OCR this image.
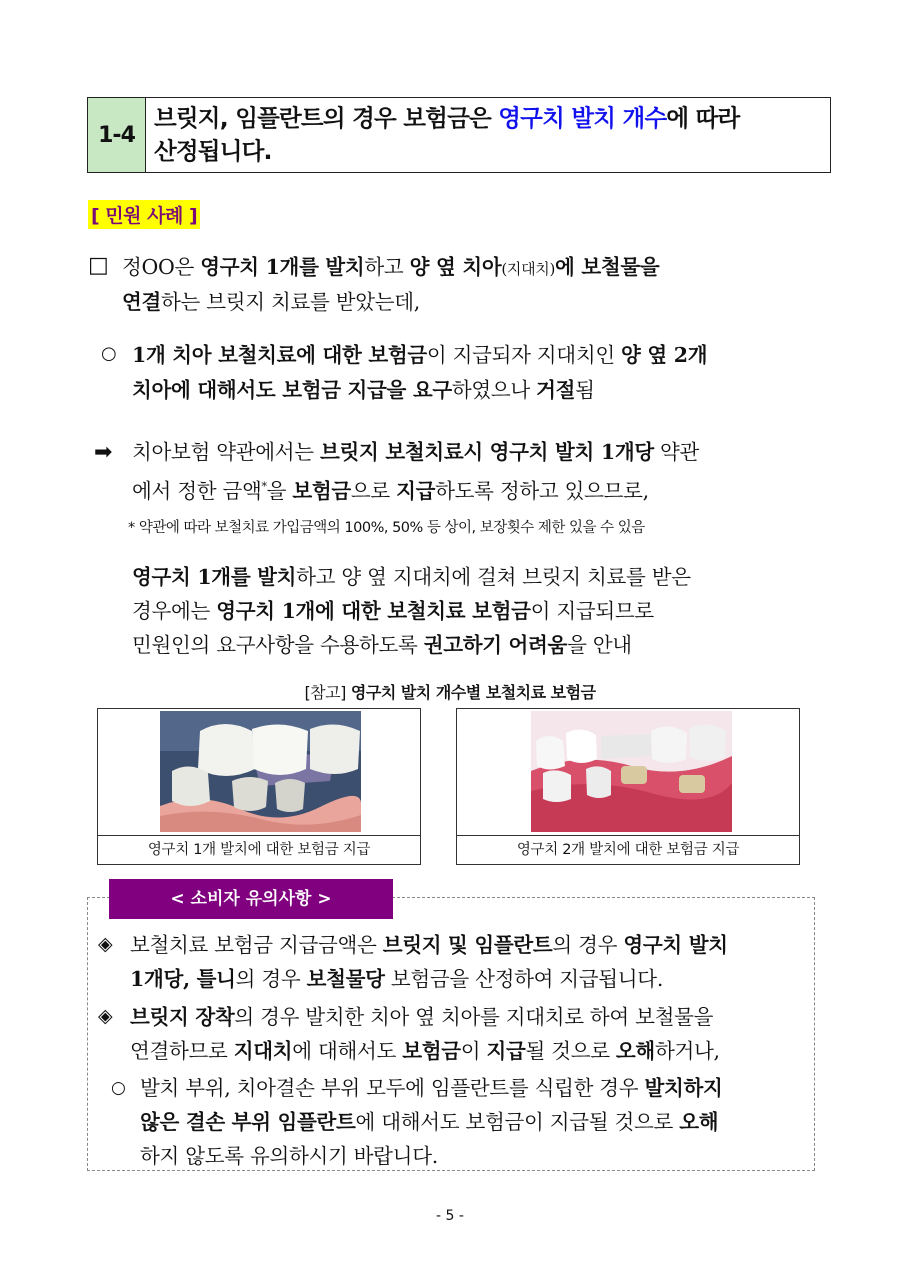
1-4
브릿지, 임플란트의 경우 보험금은 영구치 발치 개수에 따라
산정됩니다.
[ 민원 사례 ]
□ 정OO은 영구치 1개를 발치하고 양 옆 치아(지대치)에 보철물을
연결하는 브릿지 치료를 받았는데,
○ 1개 치아 보철치료에 대한 보험금이 지급되자 지대치인 양 옆 2개
치아에 대해서도 보험금 지급을 요구하였으나 거절됨
➡ 치아보험 약관에서는 브릿지 보철치료시 영구치 발치 1개당 약관
에서 정한 금액*을 보험금으로 지급하도록 정하고 있으므로,
* 약관에 따라 보철치료 가입금액의 100%, 50% 등 상이, 보장횟수 제한 있을 수 있음
영구치 1개를 발치하고 양 옆 지대치에 걸쳐 브릿지 치료를 받은
경우에는 영구치 1개에 대한 보철치료 보험금이 지급되므로
민원인의 요구사항을 수용하도록 권고하기 어려움을 안내
[참고] 영구치 발치 개수별 보철치료 보험금
영구치 1개 발치에 대한 보험금 지급	영구치 2개 발치에 대한 보험금 지급
< 소비자 유의사항 >
◈ 보철치료 보험금 지급금액은 브릿지 및 임플란트의 경우 영구치 발치
1개당, 틀니의 경우 보철물당 보험금을 산정하여 지급됩니다.
◈ 브릿지 장착의 경우 발치한 치아 옆 치아를 지대치로 하여 보철물을
연결하므로 지대치에 대해서도 보험금이 지급될 것으로 오해하거나,
○ 발치 부위, 치아결손 부위 모두에 임플란트를 식립한 경우 발치하지
않은 결손 부위 임플란트에 대해서도 보험금이 지급될 것으로 오해
하지 않도록 유의하시기 바랍니다.
- 5 -
